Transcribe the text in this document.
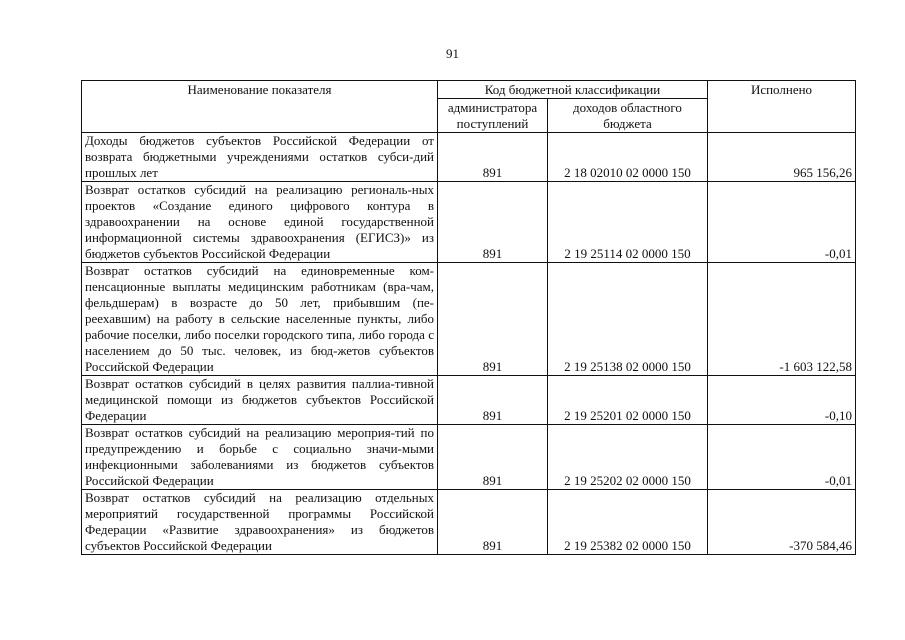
91
Наименование показателя	Код бюджетной классификации		Исполнено
	администратора поступлений	доходов областного бюджета	
Доходы бюджетов субъектов Российской Федерации от возврата бюджетными учреждениями остатков субси-дий прошлых лет	891	2 18 02010 02 0000 150	965 156,26
Возврат остатков субсидий на реализацию региональ-ных проектов «Создание единого цифрового контура в здравоохранении на основе единой государственной информационной системы здравоохранения (ЕГИСЗ)» из бюджетов субъектов Российской Федерации	891	2 19 25114 02 0000 150	-0,01
Возврат остатков субсидий на единовременные ком-пенсационные выплаты медицинским работникам (вра-чам, фельдшерам) в возрасте до 50 лет, прибывшим (пе-реехавшим) на работу в сельские населенные пункты, либо рабочие поселки, либо поселки городского типа, либо города с населением до 50 тыс. человек, из бюд-жетов субъектов Российской Федерации	891	2 19 25138 02 0000 150	-1 603 122,58
Возврат остатков субсидий в целях развития паллиа-тивной медицинской помощи из бюджетов субъектов Российской Федерации	891	2 19 25201 02 0000 150	-0,10
Возврат остатков субсидий на реализацию мероприя-тий по предупреждению и борьбе с социально значи-мыми инфекционными заболеваниями из бюджетов субъектов Российской Федерации	891	2 19 25202 02 0000 150	-0,01
Возврат остатков субсидий на реализацию отдельных мероприятий государственной программы Российской Федерации «Развитие здравоохранения» из бюджетов субъектов Российской Федерации	891	2 19 25382 02 0000 150	-370 584,46
